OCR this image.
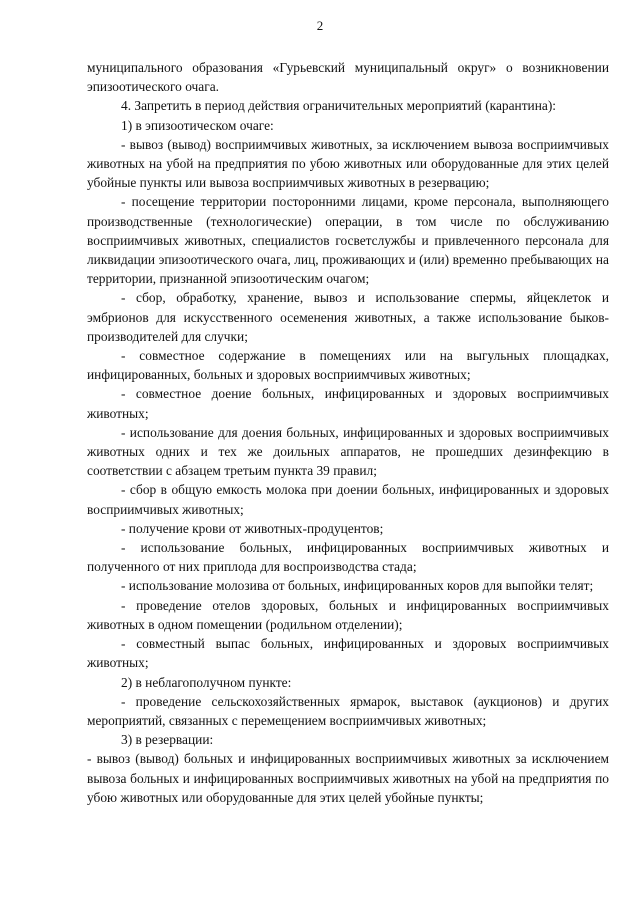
2

муниципального образования «Гурьевский муниципальный округ» о возникновении эпизоотического очага.

4. Запретить в период действия ограничительных мероприятий (карантина):

1) в эпизоотическом очаге:

- вывоз (вывод) восприимчивых животных, за исключением вывоза восприимчивых животных на убой на предприятия по убою животных или оборудованные для этих целей убойные пункты или вывоза восприимчивых животных в резервацию;

- посещение территории посторонними лицами, кроме персонала, выполняющего производственные (технологические) операции, в том числе по обслуживанию восприимчивых животных, специалистов госветслужбы и привлеченного персонала для ликвидации эпизоотического очага, лиц, проживающих и (или) временно пребывающих на территории, признанной эпизоотическим очагом;

- сбор, обработку, хранение, вывоз и использование спермы, яйцеклеток и эмбрионов для искусственного осеменения животных, а также использование быков-производителей для случки;

- совместное содержание в помещениях или на выгульных площадках, инфицированных, больных и здоровых восприимчивых животных;

- совместное доение больных, инфицированных и здоровых восприимчивых животных;

- использование для доения больных, инфицированных и здоровых восприимчивых животных одних и тех же доильных аппаратов, не прошедших дезинфекцию в соответствии с абзацем третьим пункта 39 правил;

- сбор в общую емкость молока при доении больных, инфицированных и здоровых восприимчивых животных;

- получение крови от животных-продуцентов;

- использование больных, инфицированных восприимчивых животных и полученного от них приплода для воспроизводства стада;

- использование молозива от больных, инфицированных коров для выпойки телят;

- проведение отелов здоровых, больных и инфицированных восприимчивых животных в одном помещении (родильном отделении);

- совместный выпас больных, инфицированных и здоровых восприимчивых животных;

2) в неблагополучном пункте:

- проведение сельскохозяйственных ярмарок, выставок (аукционов) и других мероприятий, связанных с перемещением восприимчивых животных;

3) в резервации:

- вывоз (вывод) больных и инфицированных восприимчивых животных за исключением вывоза больных и инфицированных восприимчивых животных на убой на предприятия по убою животных или оборудованные для этих целей убойные пункты;
